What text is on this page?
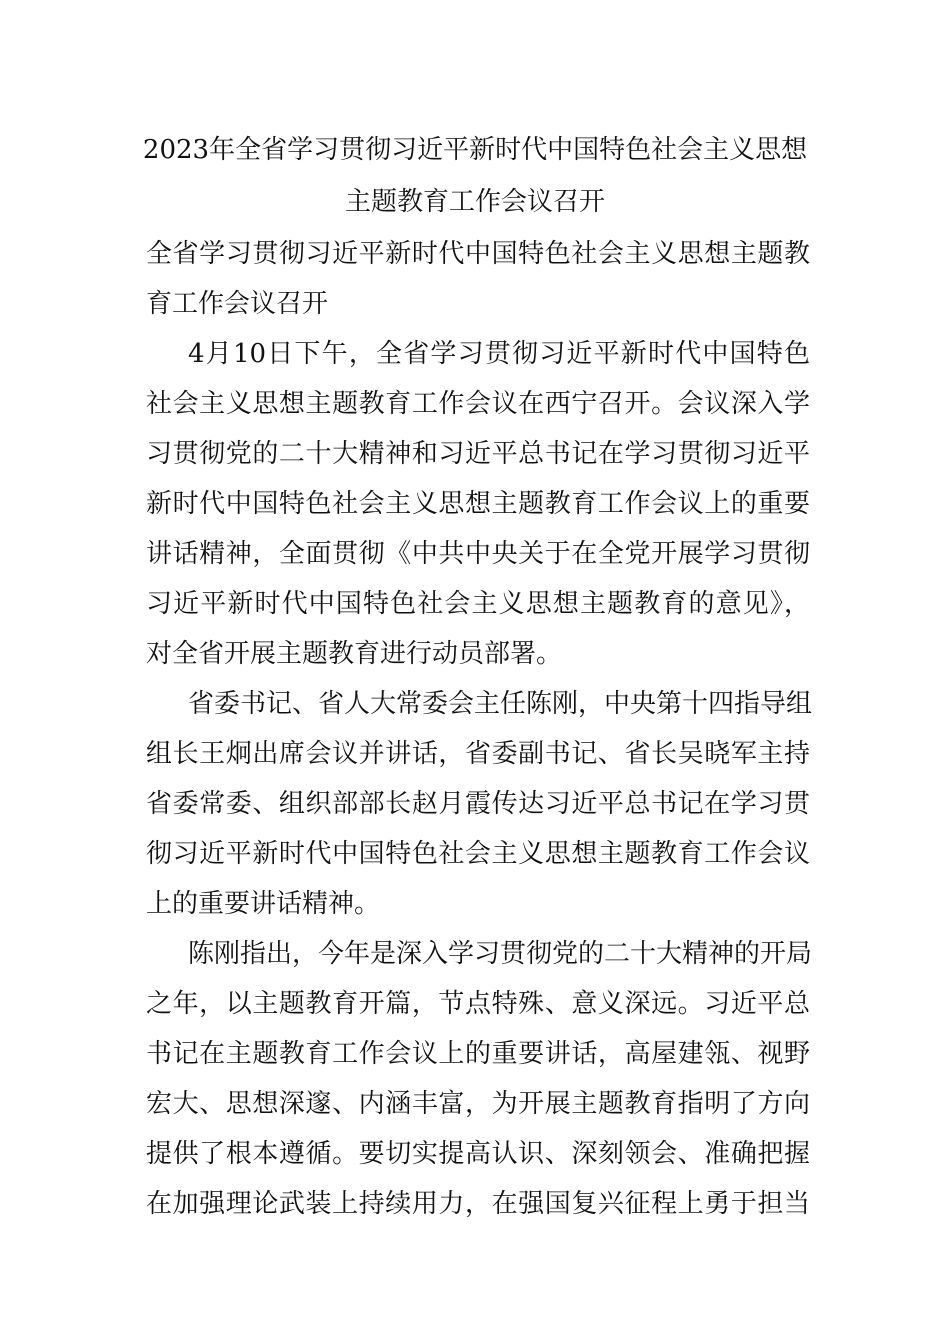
2023年全省学习贯彻习近平新时代中国特色社会主义思想
主题教育工作会议召开
全省学习贯彻习近平新时代中国特色社会主义思想主题教
育工作会议召开
4月10日下午，全省学习贯彻习近平新时代中国特色
社会主义思想主题教育工作会议在西宁召开。会议深入学
习贯彻党的二十大精神和习近平总书记在学习贯彻习近平
新时代中国特色社会主义思想主题教育工作会议上的重要
讲话精神，全面贯彻《中共中央关于在全党开展学习贯彻
习近平新时代中国特色社会主义思想主题教育的意见》，
对全省开展主题教育进行动员部署。
省委书记、省人大常委会主任陈刚，中央第十四指导组
组长王炯出席会议并讲话，省委副书记、省长吴晓军主持
省委常委、组织部部长赵月霞传达习近平总书记在学习贯
彻习近平新时代中国特色社会主义思想主题教育工作会议
上的重要讲话精神。
陈刚指出，今年是深入学习贯彻党的二十大精神的开局
之年，以主题教育开篇，节点特殊、意义深远。习近平总
书记在主题教育工作会议上的重要讲话，高屋建瓴、视野
宏大、思想深邃、内涵丰富，为开展主题教育指明了方向
提供了根本遵循。要切实提高认识、深刻领会、准确把握
在加强理论武装上持续用力，在强国复兴征程上勇于担当
